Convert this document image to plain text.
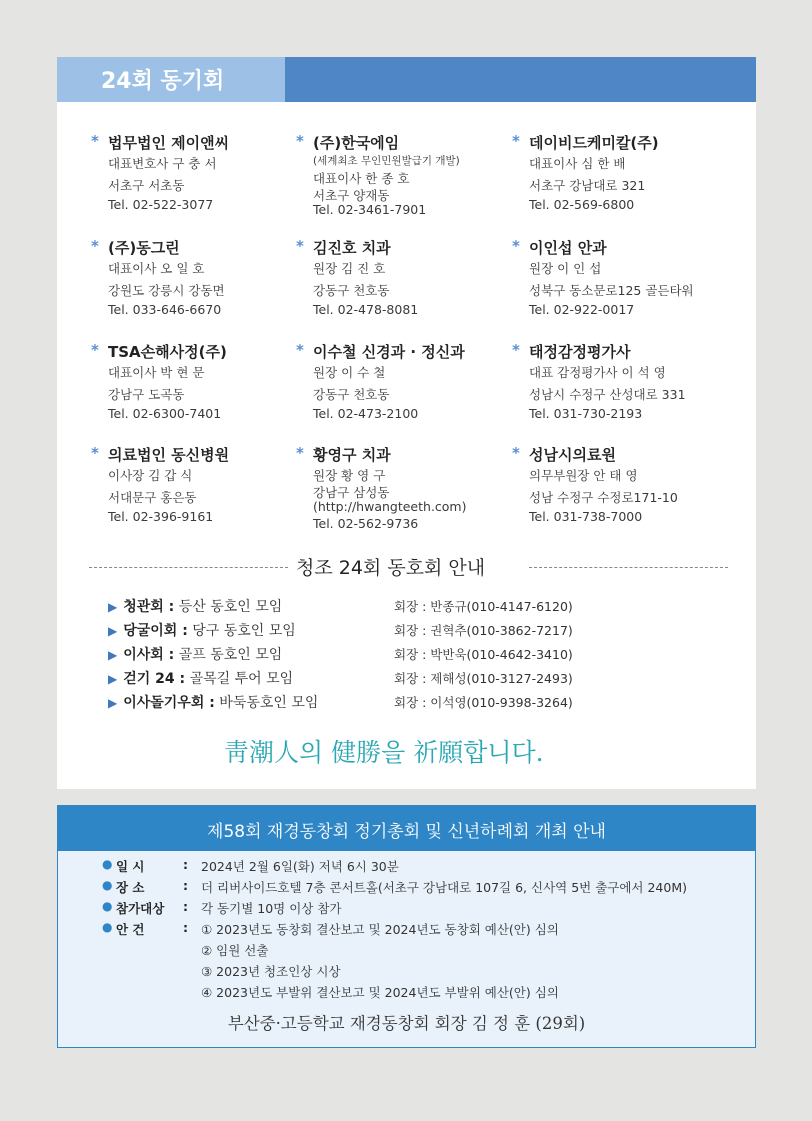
24회 동기회
* 법무법인 제이앤씨
대표변호사 구 충 서
서초구 서초동
Tel. 02-522-3077
* (주)한국에임
(세계최초 무인민원발급기 개발)
대표이사 한 종 호
서초구 양재동
Tel. 02-3461-7901
* 데이비드케미칼(주)
대표이사 심 한 배
서초구 강남대로 321
Tel. 02-569-6800
* (주)동그린
대표이사 오 일 호
강원도 강릉시 강동면
Tel. 033-646-6670
* 김진호 치과
원장 김 진 호
강동구 천호동
Tel. 02-478-8081
* 이인섭 안과
원장 이 인 섭
성북구 동소문로125 골든타워
Tel. 02-922-0017
* TSA손해사정(주)
대표이사 박 현 문
강남구 도곡동
Tel. 02-6300-7401
* 이수철 신경과 · 정신과
원장 이 수 철
강동구 천호동
Tel. 02-473-2100
* 태정감정평가사
대표 감정평가사 이 석 영
성남시 수정구 산성대로 331
Tel. 031-730-2193
* 의료법인 동신병원
이사장 김 갑 식
서대문구 홍은동
Tel. 02-396-9161
* 황영구 치과
원장 황 영 구
강남구 삼성동
(http://hwangteeth.com)
Tel. 02-562-9736
* 성남시의료원
의무부원장 안 태 영
성남 수정구 수정로171-10
Tel. 031-738-7000
청조 24회 동호회 안내
▶ 청관회 : 등산 동호인 모임	회장 : 반종규(010-4147-6120)
▶ 당굴이회 : 당구 동호인 모임	회장 : 권혁추(010-3862-7217)
▶ 이사회 : 골프 동호인 모임	회장 : 박반욱(010-4642-3410)
▶ 걷기 24 : 골목길 투어 모임	회장 : 제해성(010-3127-2493)
▶ 이사돌기우회 : 바둑동호인 모임	회장 : 이석영(010-9398-3264)
靑潮人의 健勝을 祈願합니다.
제58회 재경동창회 정기총회 및 신년하례회 개최 안내
● 일 시	: 2024년 2월 6일(화) 저녁 6시 30분
● 장 소	: 더 리버사이드호텔 7층 콘서트홀(서초구 강남대로 107길 6, 신사역 5번 출구에서 240M)
● 참가대상 : 각 동기별 10명 이상 참가
● 안 건	: ① 2023년도 동창회 결산보고 및 2024년도 동창회 예산(안) 심의
② 임원 선출
③ 2023년 청조인상 시상
④ 2023년도 부발위 결산보고 및 2024년도 부발위 예산(안) 심의
부산중·고등학교 재경동창회 회장 김 정 훈 (29회)
